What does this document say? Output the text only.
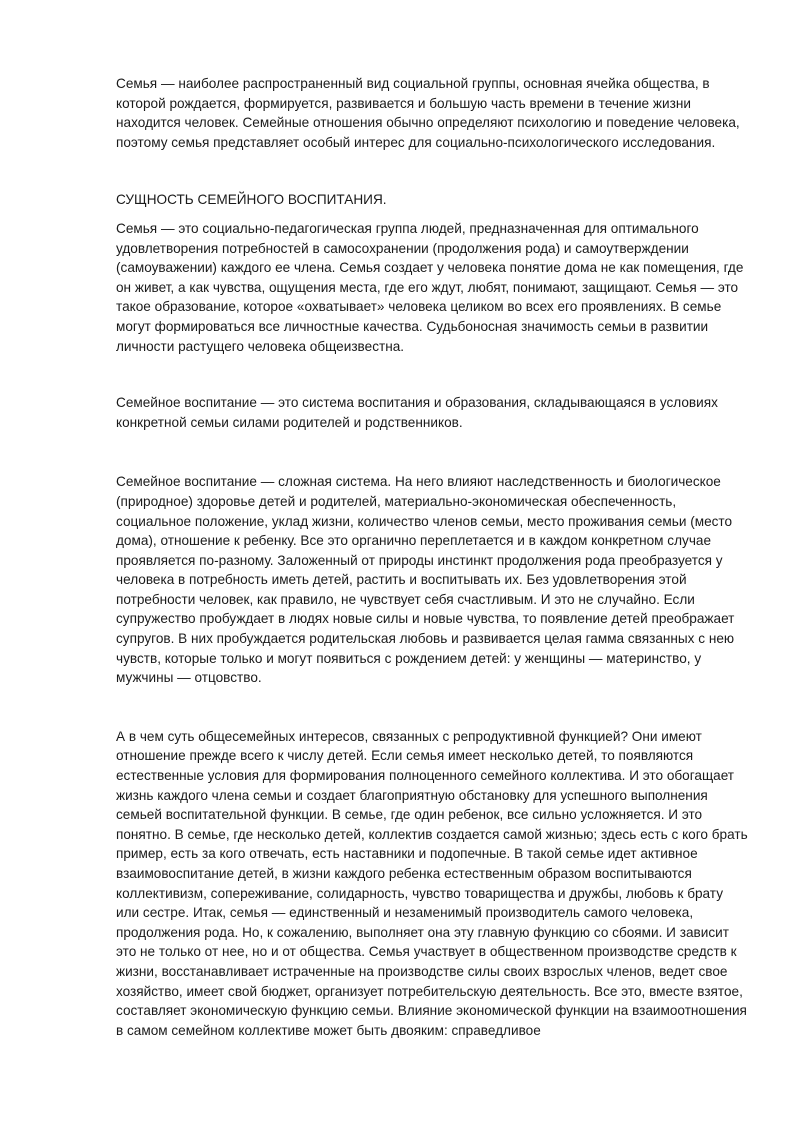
Семья — наиболее распространенный вид социальной группы, основная ячейка общества, в которой рождается, формируется, развивается и большую часть времени в течение жизни находится человек. Семейные отношения обычно определяют психологию и поведение человека, поэтому семья представляет особый интерес для социально-психологического исследования.

СУЩНОСТЬ СЕМЕЙНОГО ВОСПИТАНИЯ.

Семья — это социально-педагогическая группа людей, предназначенная для оптимального удовлетворения потребностей в самосохранении (продолжения рода) и самоутверждении (самоуважении) каждого ее члена. Семья создает у человека понятие дома не как помещения, где он живет, а как чувства, ощущения места, где его ждут, любят, понимают, защищают. Семья — это такое образование, которое «охватывает» человека целиком во всех его проявлениях. В семье могут формироваться все личностные качества. Судьбоносная значимость семьи в развитии личности растущего человека общеизвестна.

Семейное воспитание — это система воспитания и образования, складывающаяся в условиях конкретной семьи силами родителей и родственников.

Семейное воспитание — сложная система. На него влияют наследственность и биологическое (природное) здоровье детей и родителей, материально-экономическая обеспеченность, социальное положение, уклад жизни, количество членов семьи, место проживания семьи (место дома), отношение к ребенку. Все это органично переплетается и в каждом конкретном случае проявляется по-разному. Заложенный от природы инстинкт продолжения рода преобразуется у человека в потребность иметь детей, растить и воспитывать их. Без удовлетворения этой потребности человек, как правило, не чувствует себя счастливым. И это не случайно. Если супружество пробуждает в людях новые силы и новые чувства, то появление детей преображает супругов. В них пробуждается родительская любовь и развивается целая гамма связанных с нею чувств, которые только и могут появиться с рождением детей: у женщины — материнство, у мужчины — отцовство.

А в чем суть общесемейных интересов, связанных с репродуктивной функцией? Они имеют отношение прежде всего к числу детей. Если семья имеет несколько детей, то появляются естественные условия для формирования полноценного семейного коллектива. И это обогащает жизнь каждого члена семьи и создает благоприятную обстановку для успешного выполнения семьей воспитательной функции. В семье, где один ребенок, все сильно усложняется. И это понятно. В семье, где несколько детей, коллектив создается самой жизнью; здесь есть с кого брать пример, есть за кого отвечать, есть наставники и подопечные. В такой семье идет активное взаимовоспитание детей, в жизни каждого ребенка естественным образом воспитываются коллективизм, сопереживание, солидарность, чувство товарищества и дружбы, любовь к брату или сестре. Итак, семья — единственный и незаменимый производитель самого человека, продолжения рода. Но, к сожалению, выполняет она эту главную функцию со сбоями. И зависит это не только от нее, но и от общества. Семья участвует в общественном производстве средств к жизни, восстанавливает истраченные на производстве силы своих взрослых членов, ведет свое хозяйство, имеет свой бюджет, организует потребительскую деятельность. Все это, вместе взятое, составляет экономическую функцию семьи. Влияние экономической функции на взаимоотношения в самом семейном коллективе может быть двояким: справедливое
